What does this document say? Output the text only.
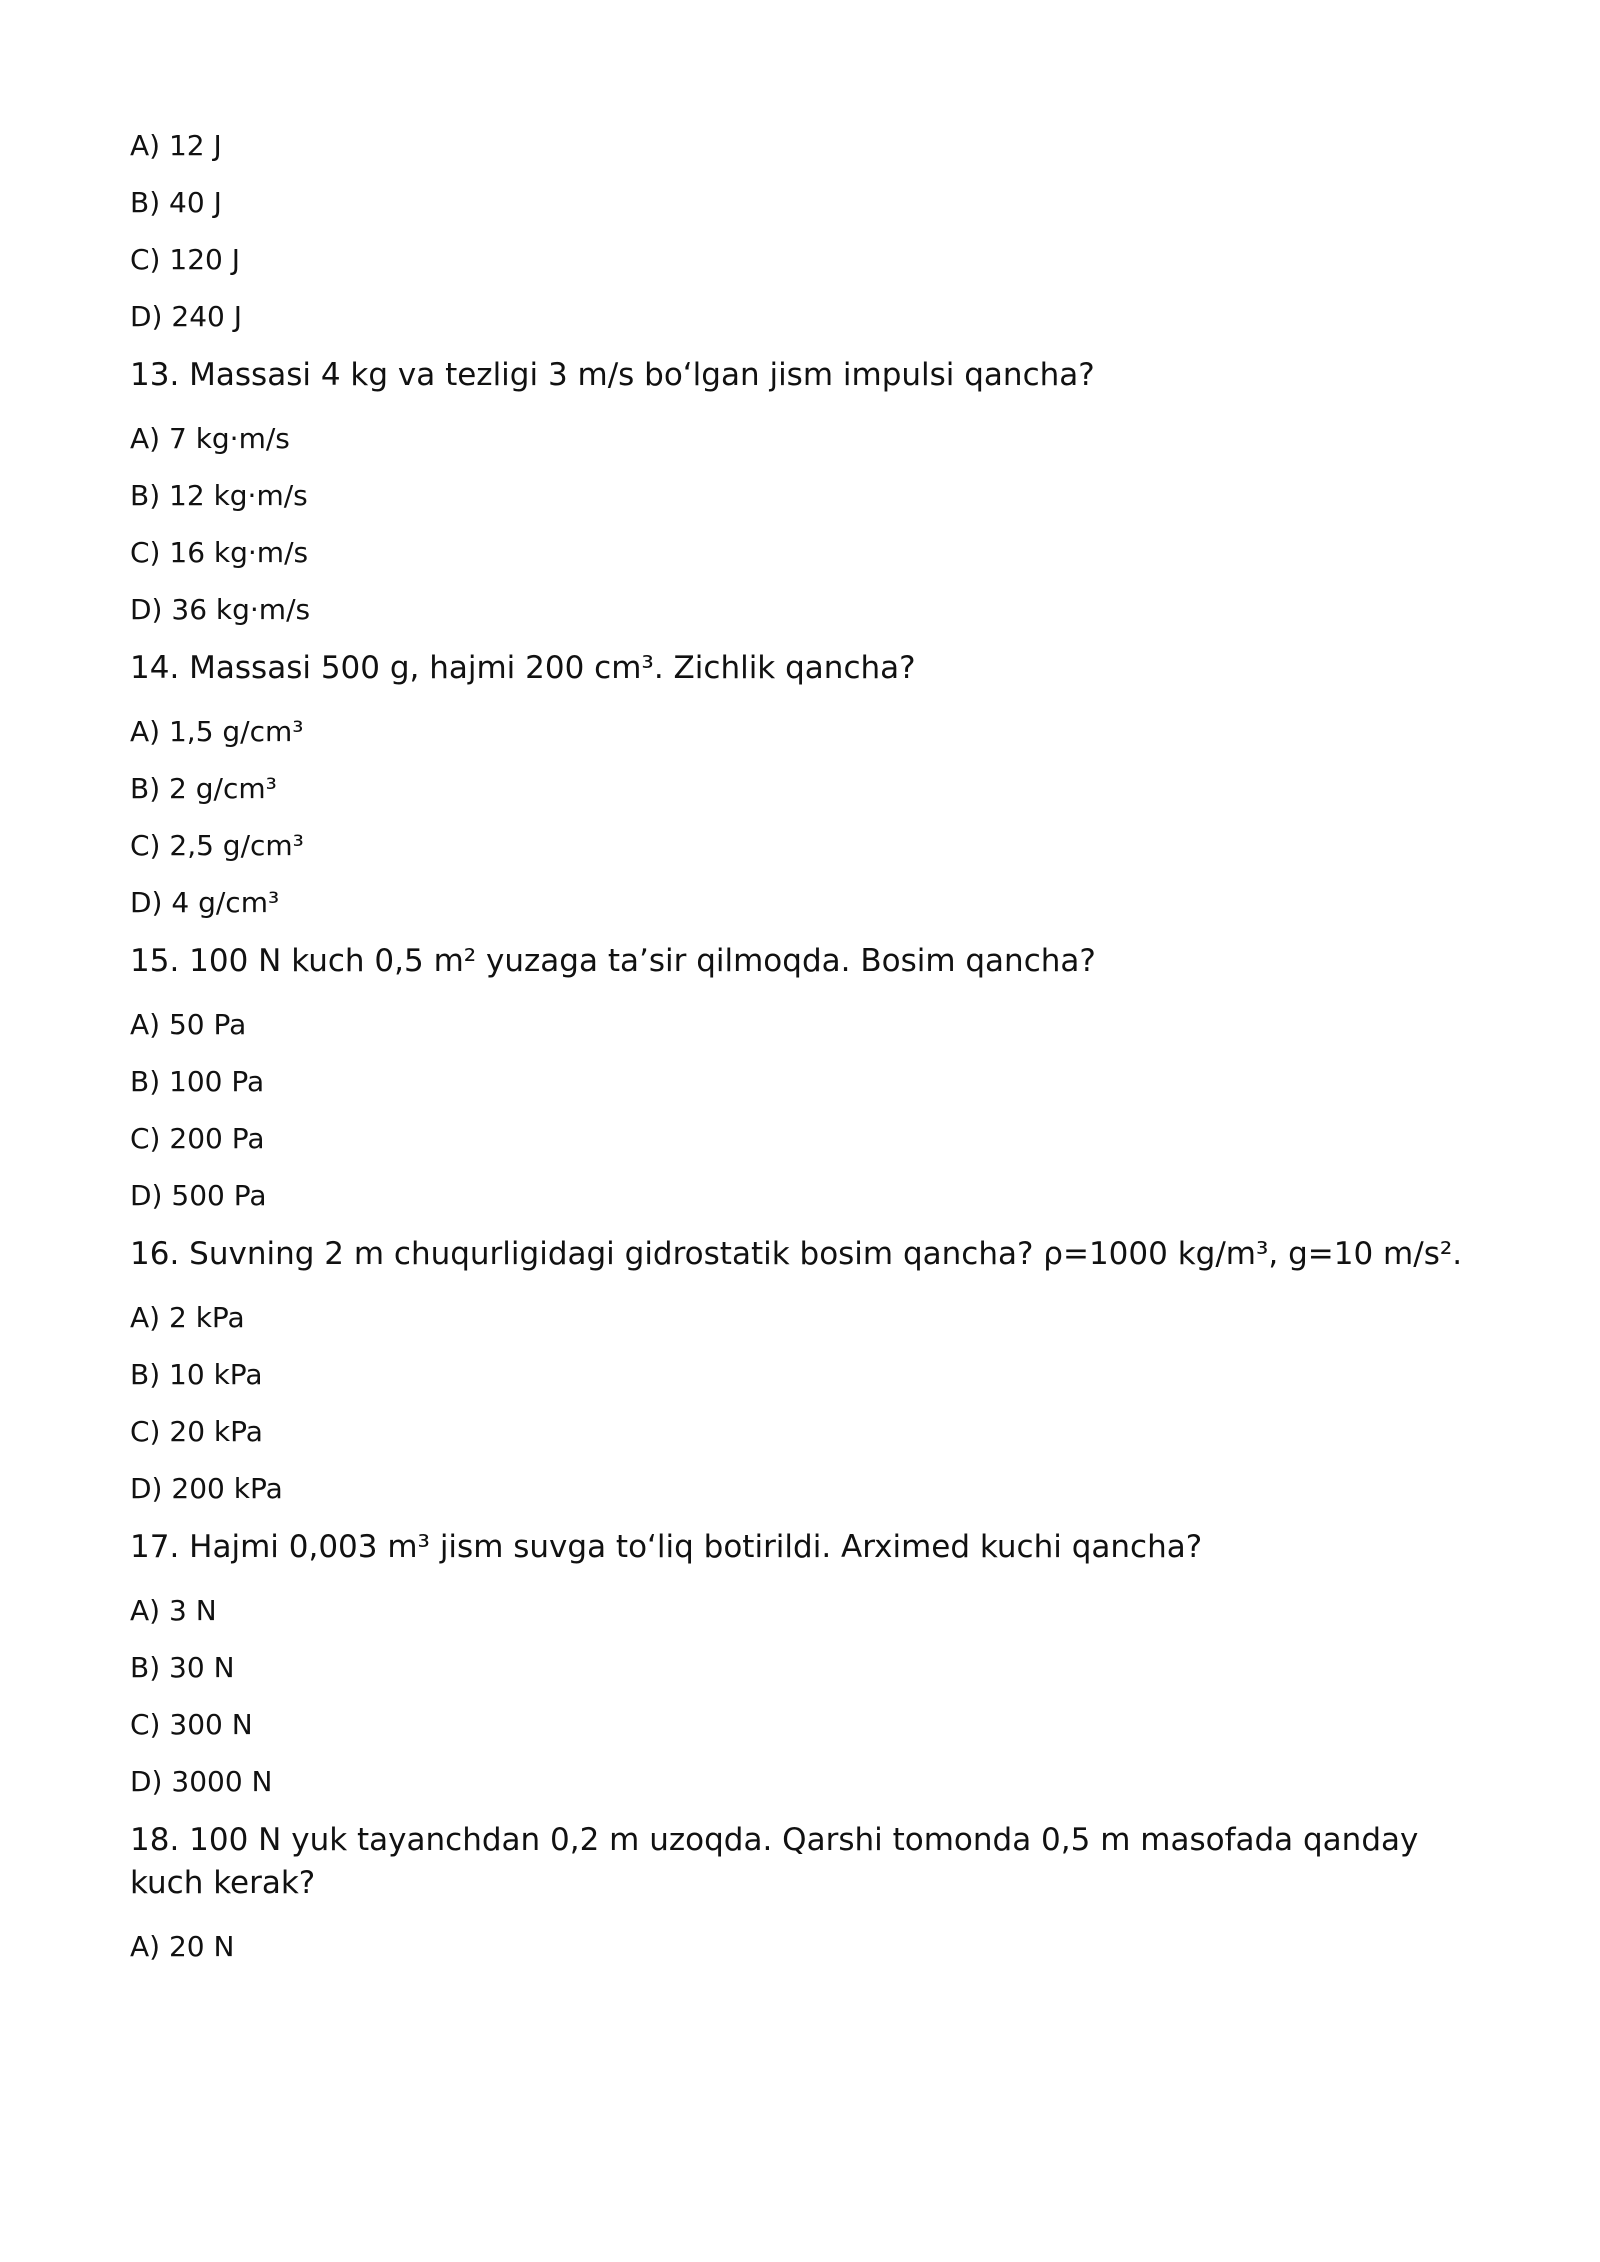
A) 12 J
B) 40 J
C) 120 J
D) 240 J
13. Massasi 4 kg va tezligi 3 m/s bo‘lgan jism impulsi qancha?
A) 7 kg·m/s
B) 12 kg·m/s
C) 16 kg·m/s
D) 36 kg·m/s
14. Massasi 500 g, hajmi 200 cm³. Zichlik qancha?
A) 1,5 g/cm³
B) 2 g/cm³
C) 2,5 g/cm³
D) 4 g/cm³
15. 100 N kuch 0,5 m² yuzaga ta’sir qilmoqda. Bosim qancha?
A) 50 Pa
B) 100 Pa
C) 200 Pa
D) 500 Pa
16. Suvning 2 m chuqurligidagi gidrostatik bosim qancha? ρ=1000 kg/m³, g=10 m/s².
A) 2 kPa
B) 10 kPa
C) 20 kPa
D) 200 kPa
17. Hajmi 0,003 m³ jism suvga to‘liq botirildi. Arximed kuchi qancha?
A) 3 N
B) 30 N
C) 300 N
D) 3000 N
18. 100 N yuk tayanchdan 0,2 m uzoqda. Qarshi tomonda 0,5 m masofada qanday kuch kerak?
A) 20 N
